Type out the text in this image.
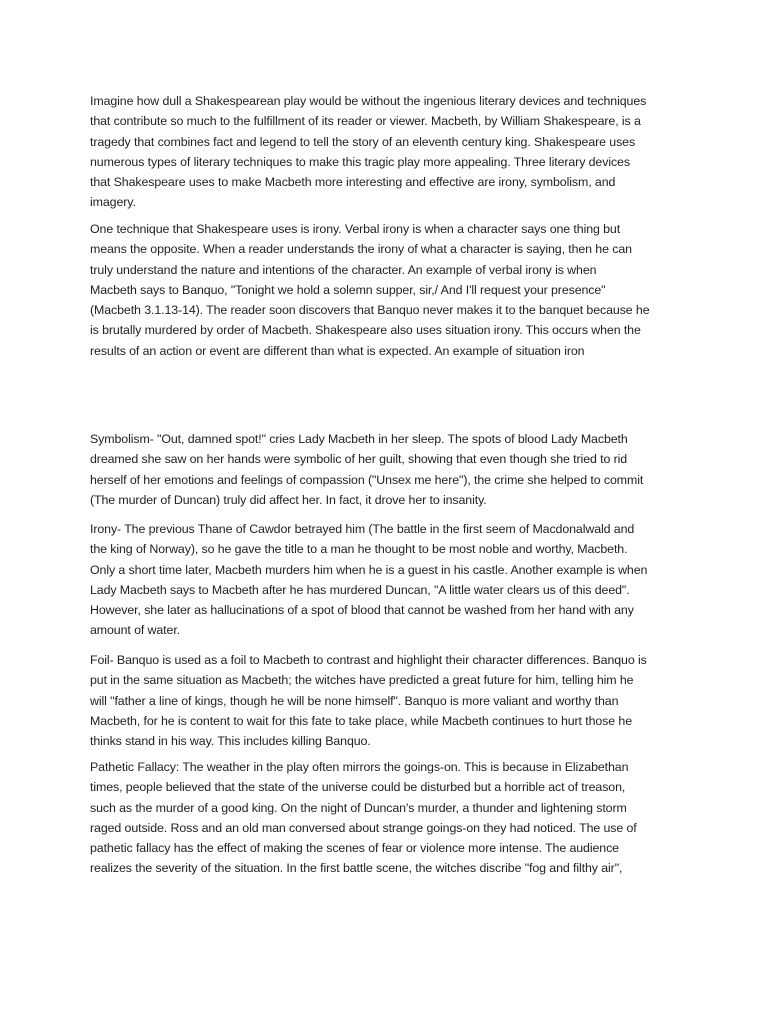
Imagine how dull a Shakespearean play would be without the ingenious literary devices and techniques
that contribute so much to the fulfillment of its reader or viewer. Macbeth, by William Shakespeare, is a
tragedy that combines fact and legend to tell the story of an eleventh century king. Shakespeare uses
numerous types of literary techniques to make this tragic play more appealing. Three literary devices
that Shakespeare uses to make Macbeth more interesting and effective are irony, symbolism, and
imagery.
One technique that Shakespeare uses is irony. Verbal irony is when a character says one thing but
means the opposite. When a reader understands the irony of what a character is saying, then he can
truly understand the nature and intentions of the character. An example of verbal irony is when
Macbeth says to Banquo, "Tonight we hold a solemn supper, sir,/ And I'll request your presence"
(Macbeth 3.1.13-14). The reader soon discovers that Banquo never makes it to the banquet because he
is brutally murdered by order of Macbeth. Shakespeare also uses situation irony. This occurs when the
results of an action or event are different than what is expected. An example of situation iron
Symbolism- "Out, damned spot!" cries Lady Macbeth in her sleep. The spots of blood Lady Macbeth
dreamed she saw on her hands were symbolic of her guilt, showing that even though she tried to rid
herself of her emotions and feelings of compassion ("Unsex me here"), the crime she helped to commit
(The murder of Duncan) truly did affect her. In fact, it drove her to insanity.
Irony- The previous Thane of Cawdor betrayed him (The battle in the first seem of Macdonalwald and
the king of Norway), so he gave the title to a man he thought to be most noble and worthy, Macbeth.
Only a short time later, Macbeth murders him when he is a guest in his castle. Another example is when
Lady Macbeth says to Macbeth after he has murdered Duncan, "A little water clears us of this deed".
However, she later as hallucinations of a spot of blood that cannot be washed from her hand with any
amount of water.
Foil- Banquo is used as a foil to Macbeth to contrast and highlight their character differences. Banquo is
put in the same situation as Macbeth; the witches have predicted a great future for him, telling him he
will "father a line of kings, though he will be none himself". Banquo is more valiant and worthy than
Macbeth, for he is content to wait for this fate to take place, while Macbeth continues to hurt those he
thinks stand in his way. This includes killing Banquo.
Pathetic Fallacy: The weather in the play often mirrors the goings-on. This is because in Elizabethan
times, people believed that the state of the universe could be disturbed but a horrible act of treason,
such as the murder of a good king. On the night of Duncan's murder, a thunder and lightening storm
raged outside. Ross and an old man conversed about strange goings-on they had noticed. The use of
pathetic fallacy has the effect of making the scenes of fear or violence more intense. The audience
realizes the severity of the situation. In the first battle scene, the witches discribe "fog and filthy air",
